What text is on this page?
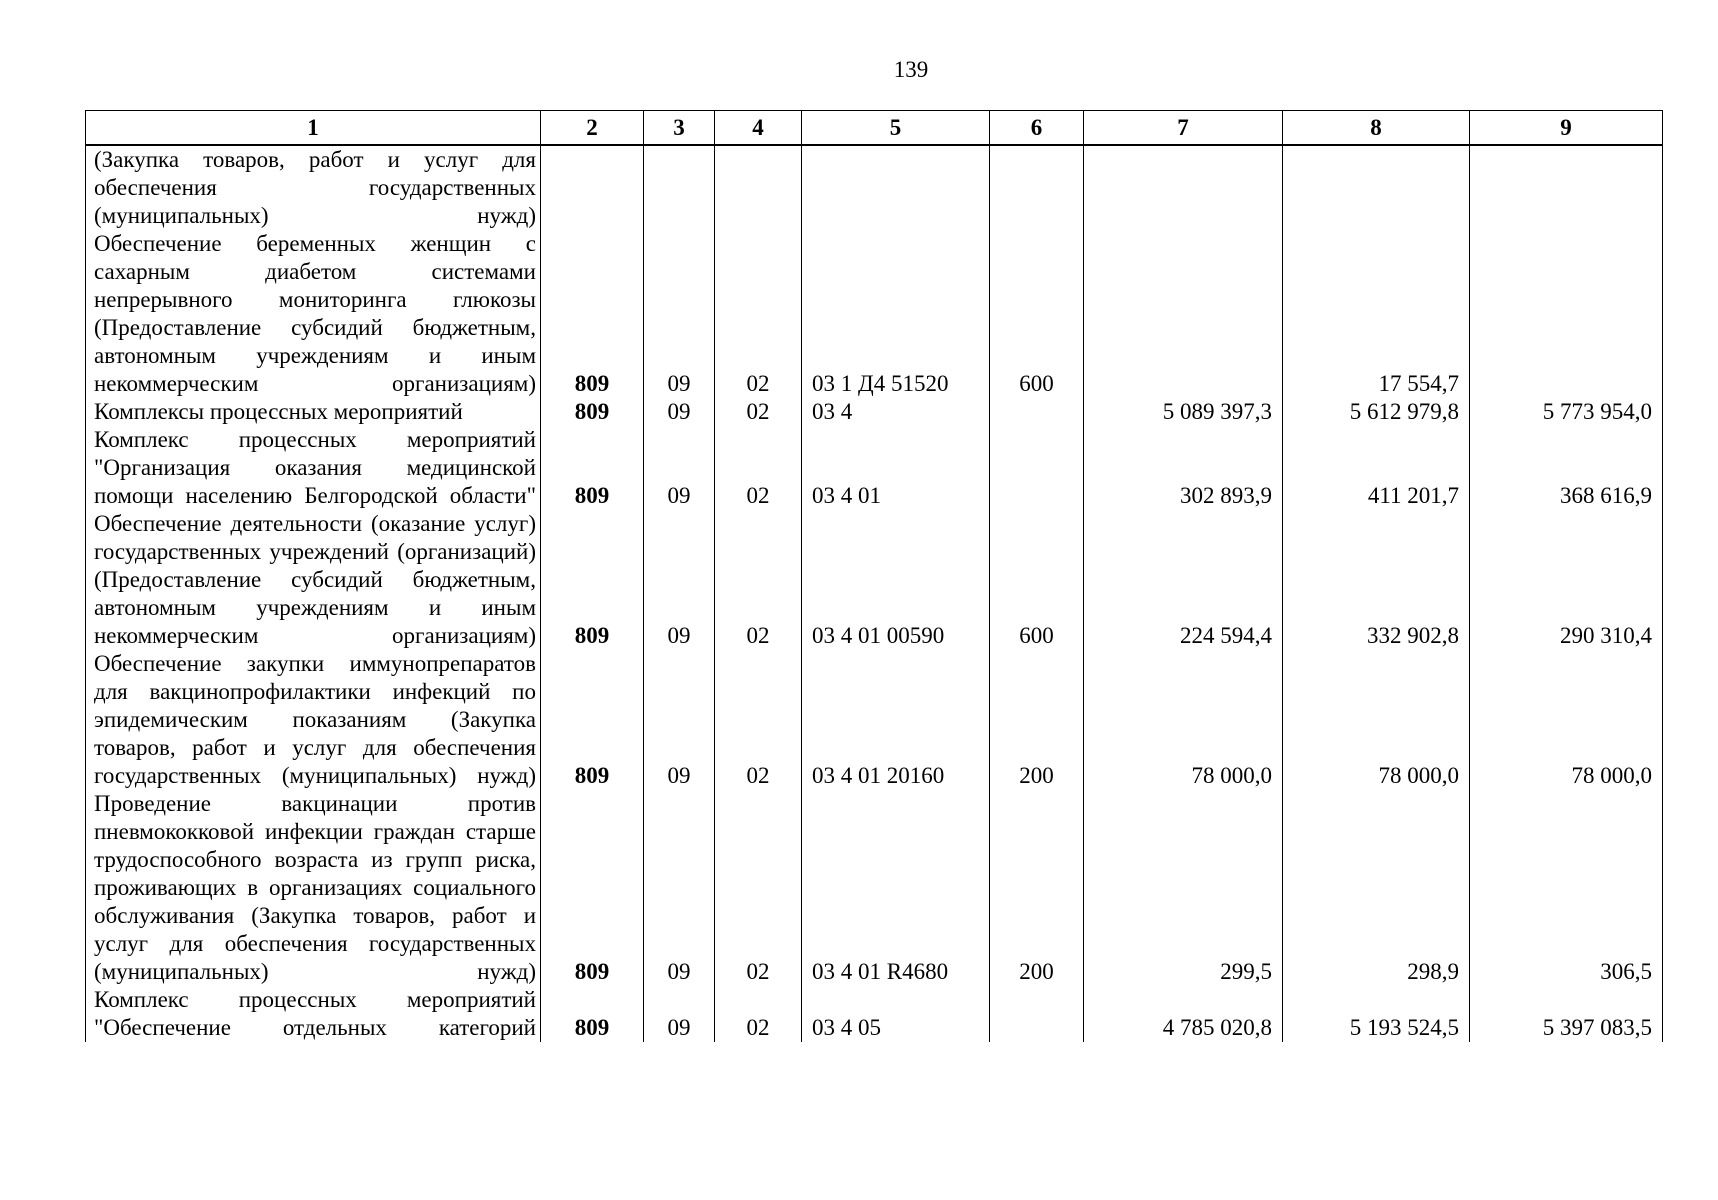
139
1	2	3	4	5	6	7	8	9
(Закупка товаров, работ и услуг для обеспечения государственных (муниципальных) нужд)								
Обеспечение беременных женщин с сахарным диабетом системами непрерывного мониторинга глюкозы (Предоставление субсидий бюджетным, автономным учреждениям и иным некоммерческим организациям)	809	09	02	03 1 Д4 51520	600		17 554,7	
Комплексы процессных мероприятий	809	09	02	03 4		5 089 397,3	5 612 979,8	5 773 954,0
Комплекс процессных мероприятий "Организация оказания медицинской помощи населению Белгородской области"	809	09	02	03 4 01		302 893,9	411 201,7	368 616,9
Обеспечение деятельности (оказание услуг) государственных учреждений (организаций) (Предоставление субсидий бюджетным, автономным учреждениям и иным некоммерческим организациям)	809	09	02	03 4 01 00590	600	224 594,4	332 902,8	290 310,4
Обеспечение закупки иммунопрепаратов для вакцинопрофилактики инфекций по эпидемическим показаниям (Закупка товаров, работ и услуг для обеспечения государственных (муниципальных) нужд)	809	09	02	03 4 01 20160	200	78 000,0	78 000,0	78 000,0
Проведение вакцинации против пневмококковой инфекции граждан старше трудоспособного возраста из групп риска, проживающих в организациях социального обслуживания (Закупка товаров, работ и услуг для обеспечения государственных (муниципальных) нужд)	809	09	02	03 4 01 R4680	200	299,5	298,9	306,5
Комплекс процессных мероприятий "Обеспечение отдельных категорий	809	09	02	03 4 05		4 785 020,8	5 193 524,5	5 397 083,5
